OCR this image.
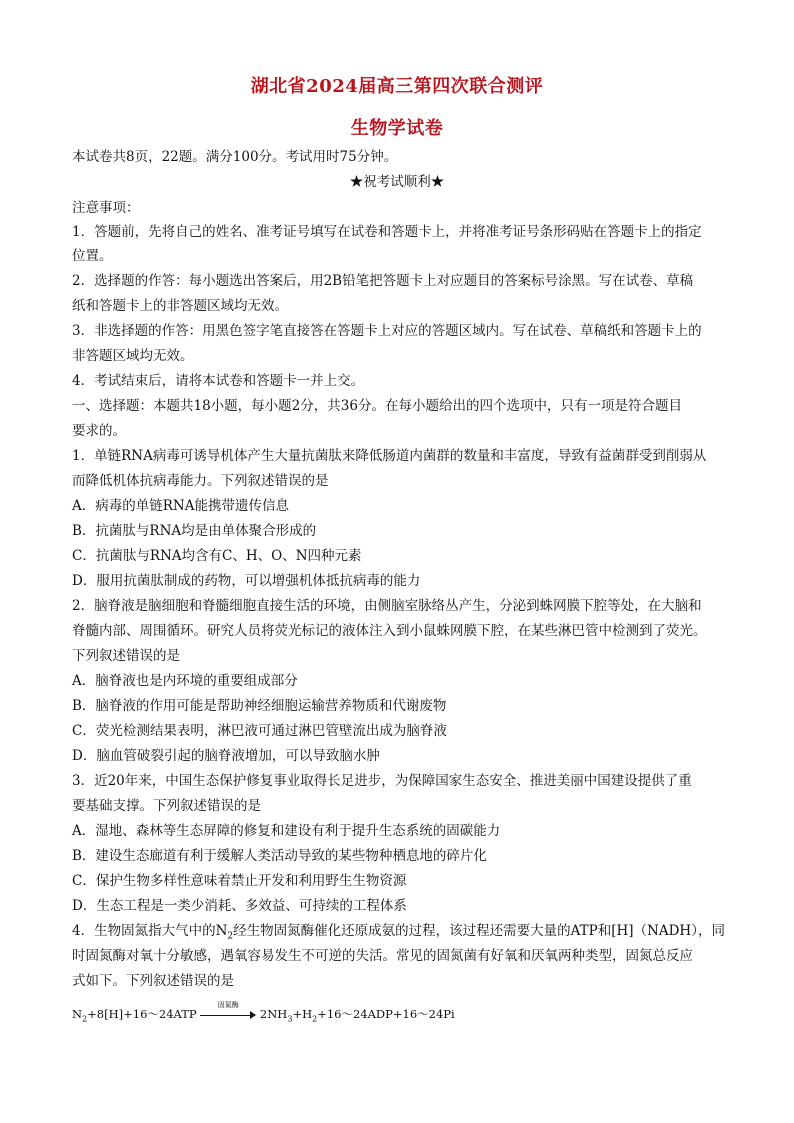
湖北省2024届高三第四次联合测评
生物学试卷
本试卷共8页，22题。满分100分。考试用时75分钟。
★祝考试顺利★
注意事项：
1．答题前，先将自己的姓名、准考证号填写在试卷和答题卡上，并将准考证号条形码贴在答题卡上的指定
位置。
2．选择题的作答：每小题选出答案后，用2B铅笔把答题卡上对应题目的答案标号涂黑。写在试卷、草稿
纸和答题卡上的非答题区域均无效。
3．非选择题的作答：用黑色签字笔直接答在答题卡上对应的答题区域内。写在试卷、草稿纸和答题卡上的
非答题区域均无效。
4．考试结束后，请将本试卷和答题卡一并上交。
一、选择题：本题共18小题，每小题2分，共36分。在每小题给出的四个选项中，只有一项是符合题目
要求的。
1．单链RNA病毒可诱导机体产生大量抗菌肽来降低肠道内菌群的数量和丰富度，导致有益菌群受到削弱从
而降低机体抗病毒能力。下列叙述错误的是
A．病毒的单链RNA能携带遗传信息
B．抗菌肽与RNA均是由单体聚合形成的
C．抗菌肽与RNA均含有C、H、O、N四种元素
D．服用抗菌肽制成的药物，可以增强机体抵抗病毒的能力
2．脑脊液是脑细胞和脊髓细胞直接生活的环境，由侧脑室脉络丛产生，分泌到蛛网膜下腔等处，在大脑和
脊髓内部、周围循环。研究人员将荧光标记的液体注入到小鼠蛛网膜下腔，在某些淋巴管中检测到了荧光。
下列叙述错误的是
A．脑脊液也是内环境的重要组成部分
B．脑脊液的作用可能是帮助神经细胞运输营养物质和代谢废物
C．荧光检测结果表明，淋巴液可通过淋巴管壁流出成为脑脊液
D．脑血管破裂引起的脑脊液增加，可以导致脑水肿
3．近20年来，中国生态保护修复事业取得长足进步，为保障国家生态安全、推进美丽中国建设提供了重
要基础支撑。下列叙述错误的是
A．湿地、森林等生态屏障的修复和建设有利于提升生态系统的固碳能力
B．建设生态廊道有利于缓解人类活动导致的某些物种栖息地的碎片化
C．保护生物多样性意味着禁止开发和利用野生生物资源
D．生态工程是一类少消耗、多效益、可持续的工程体系
4．生物固氮指大气中的$N_2$经生物固氮酶催化还原成氨的过程，该过程还需要大量的ATP和[H]（NADH），同
时固氮酶对氧十分敏感，遇氧容易发生不可逆的失活。常见的固氮菌有好氧和厌氧两种类型，固氮总反应
式如下。下列叙述错误的是
$N_2+8[H]+16\sim 24ATP$
固氮酶
$2NH_3+H_2+16\sim 24ADP+16\sim 24Pi$
